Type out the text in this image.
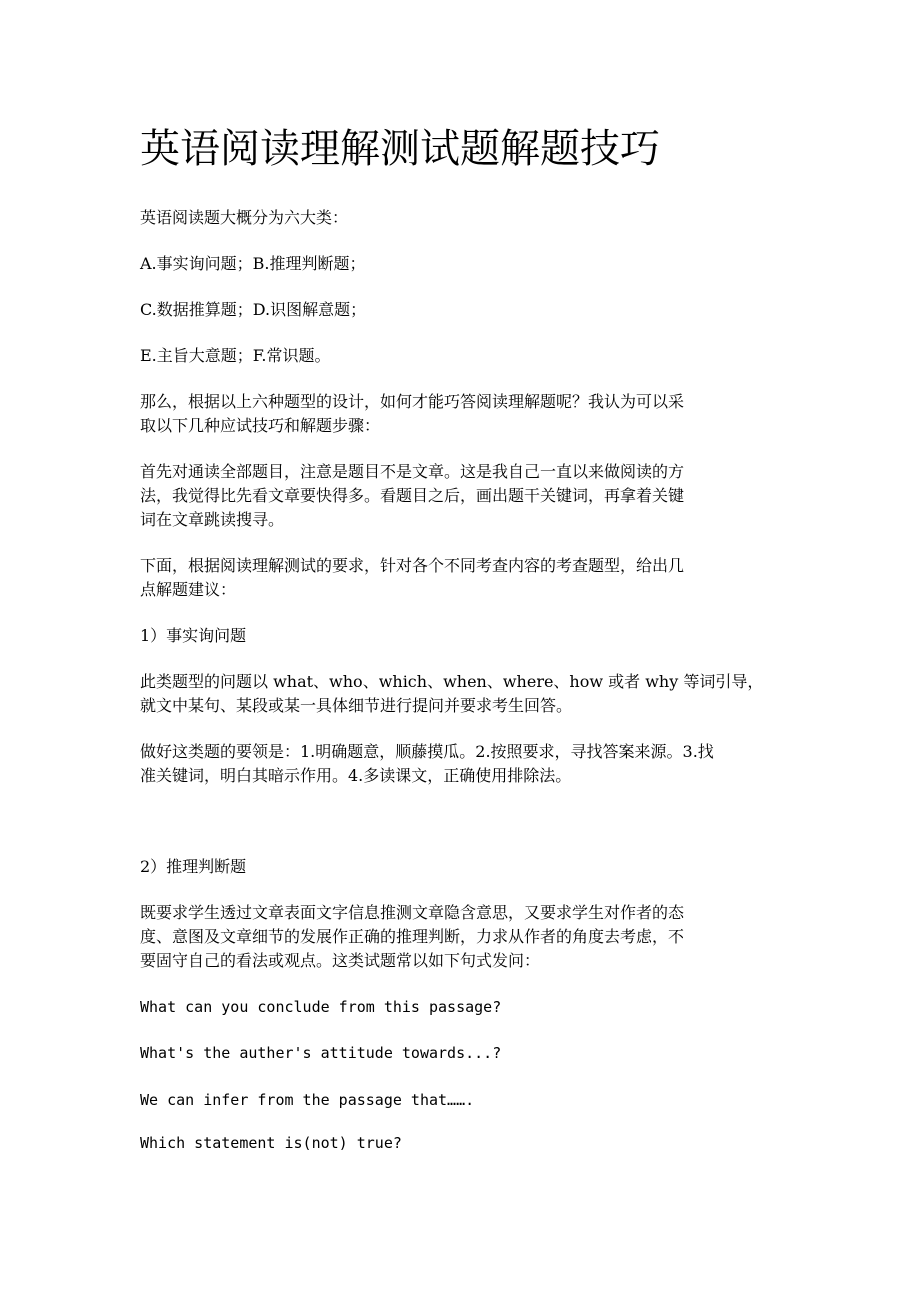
英语阅读理解测试题解题技巧
英语阅读题大概分为六大类：
A.事实询问题；B.推理判断题；
C.数据推算题；D.识图解意题；
E.主旨大意题；F.常识题。
那么，根据以上六种题型的设计，如何才能巧答阅读理解题呢？我认为可以采
取以下几种应试技巧和解题步骤：
首先对通读全部题目，注意是题目不是文章。这是我自己一直以来做阅读的方
法，我觉得比先看文章要快得多。看题目之后，画出题干关键词，再拿着关键
词在文章跳读搜寻。
下面，根据阅读理解测试的要求，针对各个不同考查内容的考查题型，给出几
点解题建议：
1）事实询问题
此类题型的问题以 what、who、which、when、where、how 或者 why 等词引导，
就文中某句、某段或某一具体细节进行提问并要求考生回答。
做好这类题的要领是：1.明确题意，顺藤摸瓜。2.按照要求，寻找答案来源。3.找
准关键词，明白其暗示作用。4.多读课文，正确使用排除法。
2）推理判断题
既要求学生透过文章表面文字信息推测文章隐含意思，又要求学生对作者的态
度、意图及文章细节的发展作正确的推理判断，力求从作者的角度去考虑，不
要固守自己的看法或观点。这类试题常以如下句式发问：
What can you conclude from this passage?
What's the auther's attitude towards...?
We can infer from the passage that…….
Which statement is(not) true?
